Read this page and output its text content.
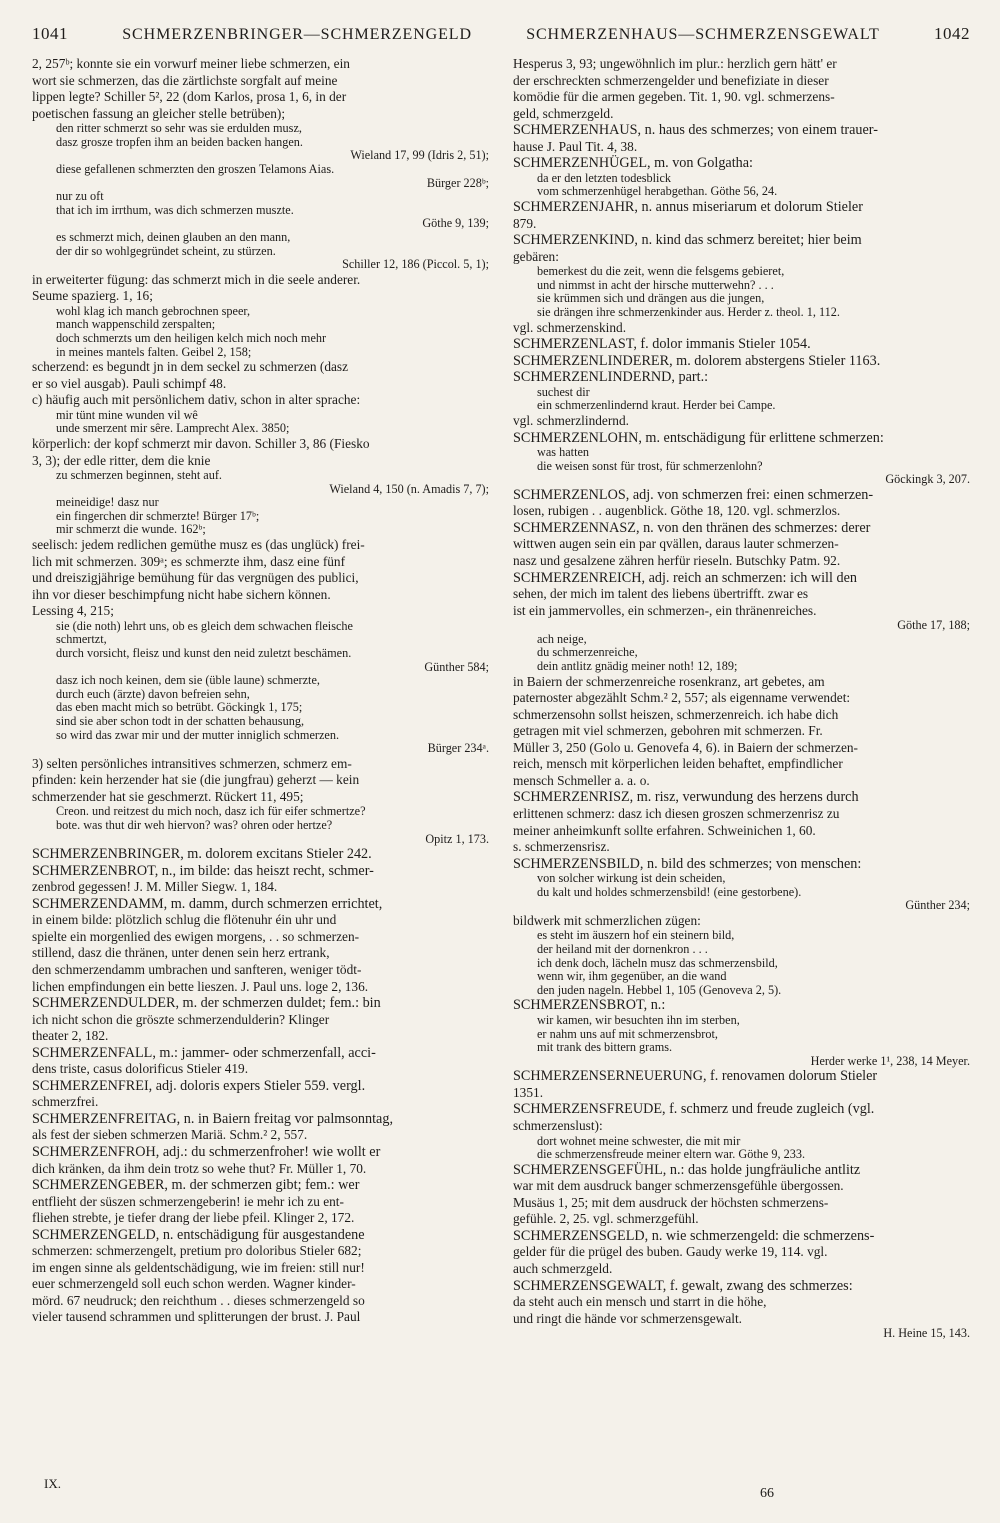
1041	SCHMERZENBRINGER—SCHMERZENGELD	SCHMERZENHAUS—SCHMERZENSGEWALT	1042
2, 257ᵇ; konnte sie ein vorwurf meiner liebe schmerzen, ein
wort sie schmerzen, das die zärtlichste sorgfalt auf meine
lippen legte? Schiller 5², 22 (dom Karlos, prosa 1, 6, in der
poetischen fassung an gleicher stelle betrüben);
den ritter schmerzt so sehr was sie erdulden musz,
dasz grosze tropfen ihm an beiden backen hangen.
Wieland 17, 99 (Idris 2, 51);
diese gefallenen schmerzten den groszen Telamons Aias.
Bürger 228ᵇ;
nur zu oft
that ich im irrthum, was dich schmerzen muszte.
Göthe 9, 139;
es schmerzt mich, deinen glauben an den mann,
der dir so wohlgegründet scheint, zu stürzen.
Schiller 12, 186 (Piccol. 5, 1);
in erweiterter fügung: das schmerzt mich in die seele anderer.
Seume spazierg. 1, 16;
wohl klag ich manch gebrochnen speer,
manch wappenschild zerspalten;
doch schmerzts um den heiligen kelch mich noch mehr
in meines mantels falten. Geibel 2, 158;
scherzend: es begundt jn in dem seckel zu schmerzen (dasz
er so viel ausgab). Pauli schimpf 48.
c) häufig auch mit persönlichem dativ, schon in alter sprache:
mir tünt mine wunden vil wê
unde smerzent mir sêre. Lamprecht Alex. 3850;
körperlich: der kopf schmerzt mir davon. Schiller 3, 86 (Fiesko
3, 3); der edle ritter, dem die knie
zu schmerzen beginnen, steht auf.
Wieland 4, 150 (n. Amadis 7, 7);
meineidige! dasz nur
ein fingerchen dir schmerzte! Bürger 17ᵇ;
mir schmerzt die wunde. 162ᵇ;
seelisch: jedem redlichen gemüthe musz es (das unglück) frei-
lich mit schmerzen. 309ᵃ; es schmerzte ihm, dasz eine fünf
und dreiszigjährige bemühung für das vergnügen des publici,
ihn vor dieser beschimpfung nicht habe sichern können.
Lessing 4, 215;
sie (die noth) lehrt uns, ob es gleich dem schwachen fleische
schmertzt,
durch vorsicht, fleisz und kunst den neid zuletzt beschämen.
Günther 584;
dasz ich noch keinen, dem sie (üble laune) schmerzte,
durch euch (ärzte) davon befreien sehn,
das eben macht mich so betrübt. Göckingk 1, 175;
sind sie aber schon todt in der schatten behausung,
so wird das zwar mir und der mutter inniglich schmerzen.
Bürger 234ᵃ.
3) selten persönliches intransitives schmerzen, schmerz em-
pfinden: kein herzender hat sie (die jungfrau) geherzt — kein
schmerzender hat sie geschmerzt. Rückert 11, 495;
Creon. und reitzest du mich noch, dasz ich für eifer schmertze?
bote. was thut dir weh hiervon? was? ohren oder hertze?
Opitz 1, 173.
SCHMERZENBRINGER, m. dolorem excitans Stieler 242.
SCHMERZENBROT, n., im bilde: das heiszt recht, schmer-
zenbrod gegessen! J. M. Miller Siegw. 1, 184.
SCHMERZENDAMM, m. damm, durch schmerzen errichtet,
in einem bilde: plötzlich schlug die flötenuhr éin uhr und
spielte ein morgenlied des ewigen morgens, . . so schmerzen-
stillend, dasz die thränen, unter denen sein herz ertrank,
den schmerzendamm umbrachen und sanfteren, weniger tödt-
lichen empfindungen ein bette lieszen. J. Paul uns. loge 2, 136.
SCHMERZENDULDER, m. der schmerzen duldet; fem.: bin
ich nicht schon die gröszte schmerzendulderin? Klinger
theater 2, 182.
SCHMERZENFALL, m.: jammer- oder schmerzenfall, acci-
dens triste, casus dolorificus Stieler 419.
SCHMERZENFREI, adj. doloris expers Stieler 559. vergl.
schmerzfrei.
SCHMERZENFREITAG, n. in Baiern freitag vor palmsonntag,
als fest der sieben schmerzen Mariä. Schm.² 2, 557.
SCHMERZENFROH, adj.: du schmerzenfroher! wie wollt er
dich kränken, da ihm dein trotz so wehe thut? Fr. Müller 1, 70.
SCHMERZENGEBER, m. der schmerzen gibt; fem.: wer
entflieht der süszen schmerzengeberin! ie mehr ich zu ent-
fliehen strebte, je tiefer drang der liebe pfeil. Klinger 2, 172.
SCHMERZENGELD, n. entschädigung für ausgestandene
schmerzen: schmerzengelt, pretium pro doloribus Stieler 682;
im engen sinne als geldentschädigung, wie im freien: still nur!
euer schmerzengeld soll euch schon werden. Wagner kinder-
mörd. 67 neudruck; den reichthum . . dieses schmerzengeld so
vieler tausend schrammen und splitterungen der brust. J. Paul
Hesperus 3, 93; ungewöhnlich im plur.: herzlich gern hätt' er
der erschreckten schmerzengelder und benefiziate in dieser
komödie für die armen gegeben. Tit. 1, 90. vgl. schmerzens-
geld, schmerzgeld.
SCHMERZENHAUS, n. haus des schmerzes; von einem trauer-
hause J. Paul Tit. 4, 38.
SCHMERZENHÜGEL, m. von Golgatha:
da er den letzten todesblick
vom schmerzenhügel herabgethan. Göthe 56, 24.
SCHMERZENJAHR, n. annus miseriarum et dolorum Stieler
879.
SCHMERZENKIND, n. kind das schmerz bereitet; hier beim
gebären:
bemerkest du die zeit, wenn die felsgems gebieret,
und nimmst in acht der hirsche mutterwehn? . . .
sie krümmen sich und drängen aus die jungen,
sie drängen ihre schmerzenkinder aus. Herder z. theol. 1, 112.
vgl. schmerzenskind.
SCHMERZENLAST, f. dolor immanis Stieler 1054.
SCHMERZENLINDERER, m. dolorem abstergens Stieler 1163.
SCHMERZENLINDERND, part.:
suchest dir
ein schmerzenlindernd kraut. Herder bei Campe.
vgl. schmerzlindernd.
SCHMERZENLOHN, m. entschädigung für erlittene schmerzen:
was hatten
die weisen sonst für trost, für schmerzenlohn?
Göckingk 3, 207.
SCHMERZENLOS, adj. von schmerzen frei: einen schmerzen-
losen, rubigen . . augenblick. Göthe 18, 120. vgl. schmerzlos.
SCHMERZENNASZ, n. von den thränen des schmerzes: derer
wittwen augen sein ein par qvällen, daraus lauter schmerzen-
nasz und gesalzene zähren herfür rieseln. Butschky Patm. 92.
SCHMERZENREICH, adj. reich an schmerzen: ich will den
sehen, der mich im talent des liebens übertrifft. zwar es
ist ein jammervolles, ein schmerzen-, ein thränenreiches.
Göthe 17, 188;
ach neige,
du schmerzenreiche,
dein antlitz gnädig meiner noth! 12, 189;
in Baiern der schmerzenreiche rosenkranz, art gebetes, am
paternoster abgezählt Schm.² 2, 557; als eigenname verwendet:
schmerzensohn sollst heiszen, schmerzenreich. ich habe dich
getragen mit viel schmerzen, gebohren mit schmerzen. Fr.
Müller 3, 250 (Golo u. Genovefa 4, 6). in Baiern der schmerzen-
reich, mensch mit körperlichen leiden behaftet, empfindlicher
mensch Schmeller a. a. o.
SCHMERZENRISZ, m. risz, verwundung des herzens durch
erlittenen schmerz: dasz ich diesen groszen schmerzenrisz zu
meiner anheimkunft sollte erfahren. Schweinichen 1, 60.
s. schmerzensrisz.
SCHMERZENSBILD, n. bild des schmerzes; von menschen:
von solcher wirkung ist dein scheiden,
du kalt und holdes schmerzensbild! (eine gestorbene).
Günther 234;
bildwerk mit schmerzlichen zügen:
es steht im äuszern hof ein steinern bild,
der heiland mit der dornenkron . . .
ich denk doch, lächeln musz das schmerzensbild,
wenn wir, ihm gegenüber, an die wand
den juden nageln. Hebbel 1, 105 (Genoveva 2, 5).
SCHMERZENSBROT, n.:
wir kamen, wir besuchten ihn im sterben,
er nahm uns auf mit schmerzensbrot,
mit trank des bittern grams.
Herder werke 1¹, 238, 14 Meyer.
SCHMERZENSERNEUERUNG, f. renovamen dolorum Stieler
1351.
SCHMERZENSFREUDE, f. schmerz und freude zugleich (vgl.
schmerzenslust):
dort wohnet meine schwester, die mit mir
die schmerzensfreude meiner eltern war. Göthe 9, 233.
SCHMERZENSGEFÜHL, n.: das holde jungfräuliche antlitz
war mit dem ausdruck banger schmerzensgefühle übergossen.
Musäus 1, 25; mit dem ausdruck der höchsten schmerzens-
gefühle. 2, 25. vgl. schmerzgefühl.
SCHMERZENSGELD, n. wie schmerzengeld: die schmerzens-
gelder für die prügel des buben. Gaudy werke 19, 114. vgl.
auch schmerzgeld.
SCHMERZENSGEWALT, f. gewalt, zwang des schmerzes:
da steht auch ein mensch und starrt in die höhe,
und ringt die hände vor schmerzensgewalt.
H. Heine 15, 143.
IX.
66
